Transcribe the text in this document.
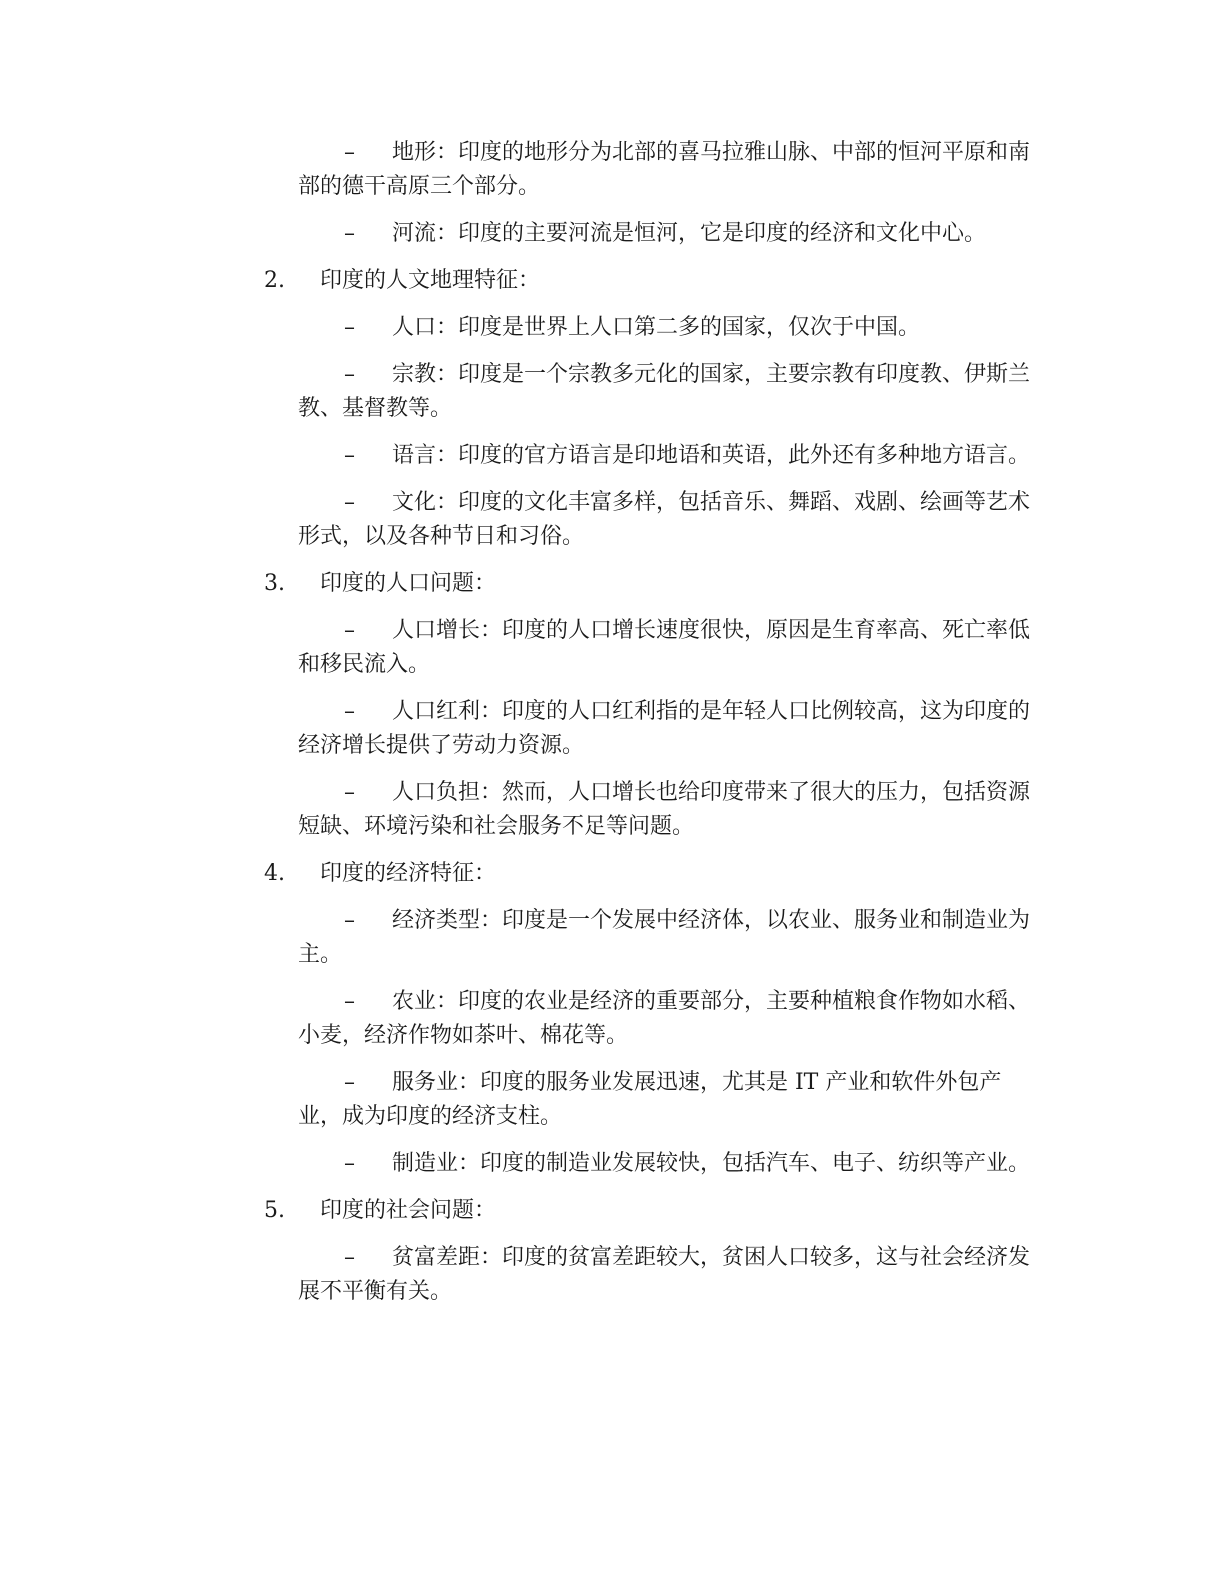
– 地形：印度的地形分为北部的喜马拉雅山脉、中部的恒河平原和南部的德干高原三个部分。
– 河流：印度的主要河流是恒河，它是印度的经济和文化中心。
2. 印度的人文地理特征：
– 人口：印度是世界上人口第二多的国家，仅次于中国。
– 宗教：印度是一个宗教多元化的国家，主要宗教有印度教、伊斯兰教、基督教等。
– 语言：印度的官方语言是印地语和英语，此外还有多种地方语言。
– 文化：印度的文化丰富多样，包括音乐、舞蹈、戏剧、绘画等艺术形式，以及各种节日和习俗。
3. 印度的人口问题：
– 人口增长：印度的人口增长速度很快，原因是生育率高、死亡率低和移民流入。
– 人口红利：印度的人口红利指的是年轻人口比例较高，这为印度的经济增长提供了劳动力资源。
– 人口负担：然而，人口增长也给印度带来了很大的压力，包括资源短缺、环境污染和社会服务不足等问题。
4. 印度的经济特征：
– 经济类型：印度是一个发展中经济体，以农业、服务业和制造业为主。
– 农业：印度的农业是经济的重要部分，主要种植粮食作物如水稻、小麦，经济作物如茶叶、棉花等。
– 服务业：印度的服务业发展迅速，尤其是 IT 产业和软件外包产业，成为印度的经济支柱。
– 制造业：印度的制造业发展较快，包括汽车、电子、纺织等产业。
5. 印度的社会问题：
– 贫富差距：印度的贫富差距较大，贫困人口较多，这与社会经济发展不平衡有关。
